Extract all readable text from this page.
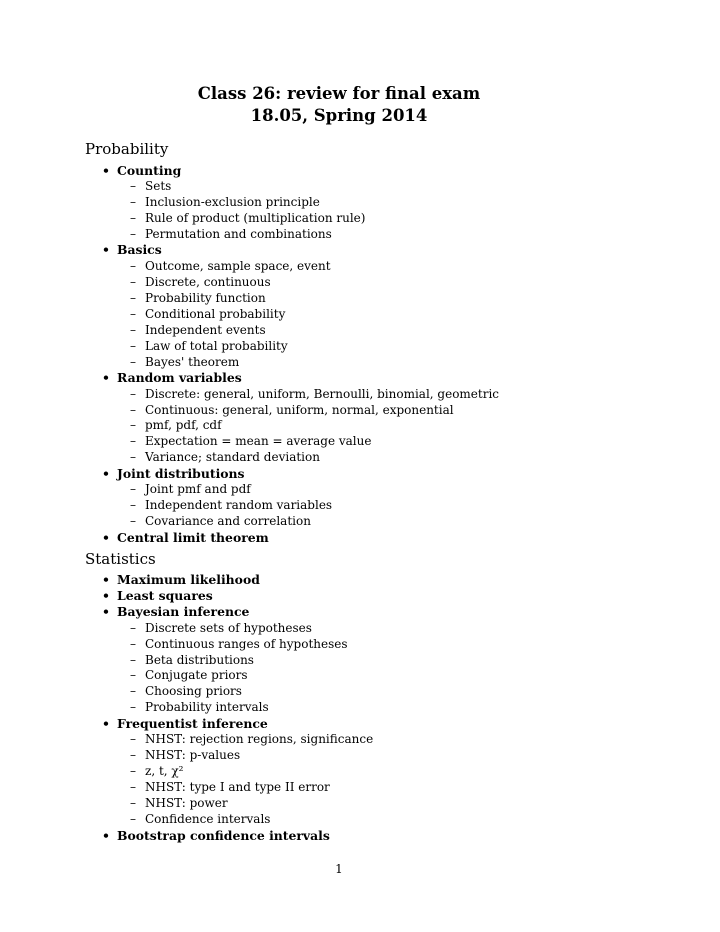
Class 26: review for final exam
18.05, Spring 2014
Probability
• Counting
– Sets
– Inclusion-exclusion principle
– Rule of product (multiplication rule)
– Permutation and combinations
• Basics
– Outcome, sample space, event
– Discrete, continuous
– Probability function
– Conditional probability
– Independent events
– Law of total probability
– Bayes' theorem
• Random variables
– Discrete: general, uniform, Bernoulli, binomial, geometric
– Continuous: general, uniform, normal, exponential
– pmf, pdf, cdf
– Expectation = mean = average value
– Variance; standard deviation
• Joint distributions
– Joint pmf and pdf
– Independent random variables
– Covariance and correlation
• Central limit theorem
Statistics
• Maximum likelihood
• Least squares
• Bayesian inference
– Discrete sets of hypotheses
– Continuous ranges of hypotheses
– Beta distributions
– Conjugate priors
– Choosing priors
– Probability intervals
• Frequentist inference
– NHST: rejection regions, significance
– NHST: p-values
– z, t, χ²
– NHST: type I and type II error
– NHST: power
– Confidence intervals
• Bootstrap confidence intervals
1
